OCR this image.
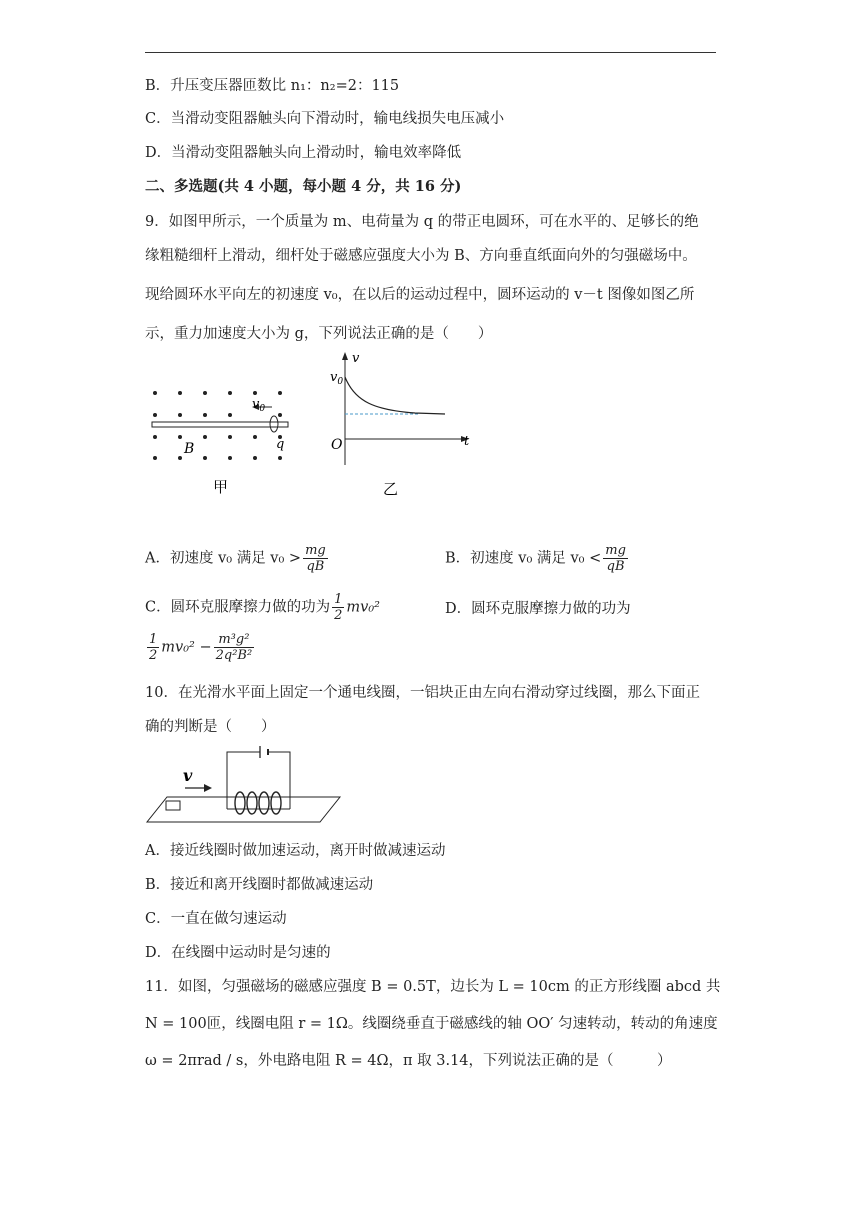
B．升压变压器匝数比 n₁：n₂=2：115
C．当滑动变阻器触头向下滑动时，输电线损失电压减小
D．当滑动变阻器触头向上滑动时，输电效率降低
二、多选题(共 4 小题，每小题 4 分，共 16 分)
9．如图甲所示，一个质量为 m、电荷量为 q 的带正电圆环，可在水平的、足够长的绝
缘粗糙细杆上滑动，细杆处于磁感应强度大小为 B、方向垂直纸面向外的匀强磁场中。
现给圆环水平向左的初速度 v₀，在以后的运动过程中，圆环运动的 v－t 图像如图乙所
示，重力加速度大小为 g，下列说法正确的是（　　）
$v_0$
B	q
甲
v
$v_0$
O	t
乙
A．初速度 v₀ 满足 $v_0 > \frac{mg}{qB}$	B．初速度 v₀ 满足 $v_0 < \frac{mg}{qB}$
C．圆环克服摩擦力做的功为 $\frac{1}{2} mv_0^2$	D．圆环克服摩擦力做的功为
$\frac{1}{2} mv_0^2 - \frac{\text{m³g²}}{\text{2q²B²}}$
10．在光滑水平面上固定一个通电线圈，一铝块正由左向右滑动穿过线圈，那么下面正
确的判断是（　　）
v
A．接近线圈时做加速运动，离开时做减速运动
B．接近和离开线圈时都做减速运动
C．一直在做匀速运动
D．在线圈中运动时是匀速的
11．如图，匀强磁场的磁感应强度 B = 0.5T，边长为 L = 10cm 的正方形线圈 abcd 共
N = 100匝，线圈电阻 r = 1Ω。线圈绕垂直于磁感线的轴 OO′ 匀速转动，转动的角速度
ω = 2πrad / s，外电路电阻 R = 4Ω，π 取 3.14，下列说法正确的是（　　　）
